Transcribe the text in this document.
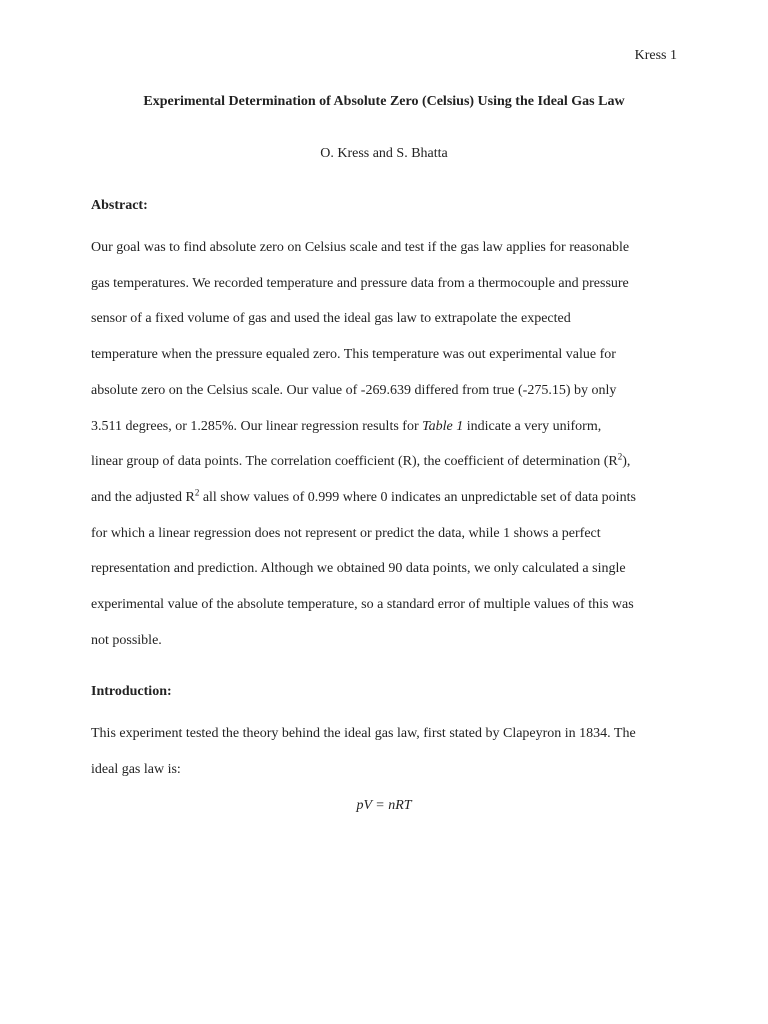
Kress 1
Experimental Determination of Absolute Zero (Celsius) Using the Ideal Gas Law
O. Kress and S. Bhatta
Abstract:
Our goal was to find absolute zero on Celsius scale and test if the gas law applies for reasonable
gas temperatures. We recorded temperature and pressure data from a thermocouple and pressure
sensor of a fixed volume of gas and used the ideal gas law to extrapolate the expected
temperature when the pressure equaled zero. This temperature was out experimental value for
absolute zero on the Celsius scale. Our value of -269.639 differed from true (-275.15) by only
3.511 degrees, or 1.285%. Our linear regression results for Table 1 indicate a very uniform,
linear group of data points. The correlation coefficient (R), the coefficient of determination $(R^2)$,
and the adjusted $R^2$ all show values of 0.999 where 0 indicates an unpredictable set of data points
for which a linear regression does not represent or predict the data, while 1 shows a perfect
representation and prediction. Although we obtained 90 data points, we only calculated a single
experimental value of the absolute temperature, so a standard error of multiple values of this was
not possible.
Introduction:
This experiment tested the theory behind the ideal gas law, first stated by Clapeyron in 1834. The
ideal gas law is:
pV = nRT
